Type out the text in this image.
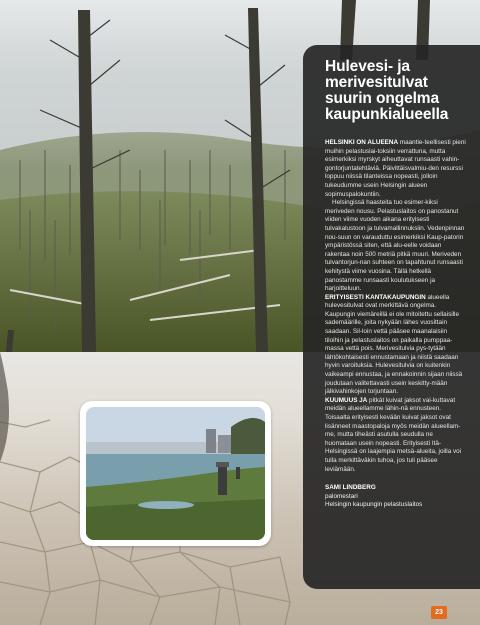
Hulevesi- ja merivesitulvat suurin ongelma kaupunkialueella

HELSINKI ON ALUEENA maantie-teellisesti pieni muihin pelastuslai-toksiin verrattuna, mutta esimerkiksi myrskyt aiheuttavat runsaasti vahin-gontorjuntatehtäviä. Päivittäisvalmiu-den resurssi loppuu niissä tilanteissa nopeasti, jolloin tukeudumme usein Helsingin alueen sopimuspalokuntiin.

Helsingissä haasteita tuo esimer-kiksi meriveden nousu. Pelastuslaitos on panostanut viiden viime vuoden aikana erityisesti tulvakalustoon ja tulvamallinnuksiin. Vedenpinnan nou-suun on varauduttu esimerkiksi Kaup-patorin ympäristössä siten, että alu-eelle voidaan rakentaa noin 500 metriä pitkä muuri. Meriveden tulvantorjun-nan suhteen on tapahtunut runsaasti kehitystä viime vuosina. Tällä hetkellä panostamme runsaasti koulutukseen ja harjoitteluun.

ERITYISESTI KANTAKAUPUNGIN alueella hulevesitulvat ovat merkittävä ongelma. Kaupungin viemäreillä ei ole mitoitettu sellaisille sademäärille, joita nykyään lähes vuosittain saadaan. Sil-loin vettä pääsee maanalaisiin tiloihin ja pelastuslaitos on paikalla pumppaa-massa vettä pois. Merivesitulvia pys-tytään lähtökohtaisesti ennustamaan ja niistä saadaan hyvin varoituksia. Hulevesitulvia on kuitenkin vaikeampi ennustaa, ja ennakoinnin sijaan niissä joudutaan valitettavasti usein keskitty-mään jälkivahinkojen torjuntaan.

KUUMUUS JA pitkät kuivat jaksot vai-kuttavat meidän alueellamme lähin-nä ennusteen. Toisaalta erityisesti kevään kuivat jaksot ovat lisänneet maastopaloja myös meidän alueellam-me, mutta tiheästi asutulla seudulla ne huomataan usein nopeasti. Erityisesti Itä-Helsingissä on laajempia metsä-alueita, joilla voi tulla merkittäväkin tuhoa, jos tuli pääsee leviämään.

SAMI LINDBERG
palomestari
Helsingin kaupungin pelastuslaitos
23
